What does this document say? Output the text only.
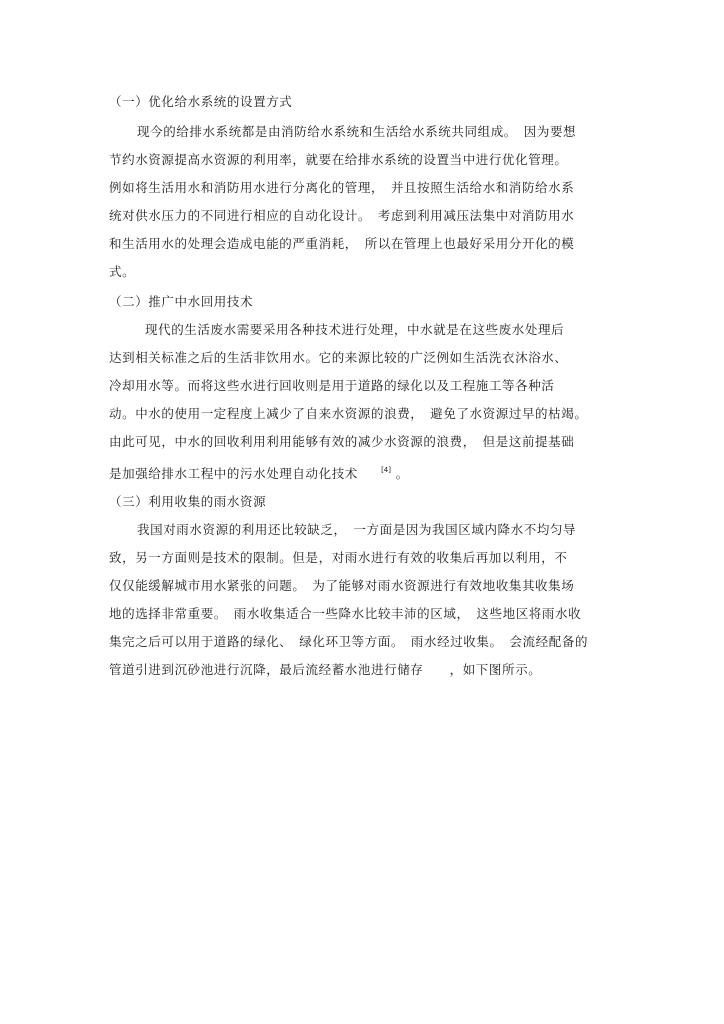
（一）优化给水系统的设置方式
现今的给排水系统都是由消防给水系统和生活给水系统共同组成。　因为要想
节约水资源提高水资源的利用率，就要在给排水系统的设置当中进行优化管理。
例如将生活用水和消防用水进行分离化的管理，　并且按照生活给水和消防给水系
统对供水压力的不同进行相应的自动化设计。　考虑到利用减压法集中对消防用水
和生活用水的处理会造成电能的严重消耗，　所以在管理上也最好采用分开化的模
式。
（二）推广中水回用技术
现代的生活废水需要采用各种技术进行处理，中水就是在这些废水处理后
达到相关标准之后的生活非饮用水。它的来源比较的广泛例如生活洗衣沐浴水、
冷却用水等。而将这些水进行回收则是用于道路的绿化以及工程施工等各种活
动。中水的使用一定程度上减少了自来水资源的浪费，　避免了水资源过早的枯竭。
由此可见，中水的回收利用利用能够有效的减少水资源的浪费，　但是这前提基础
是加强给排水工程中的污水处理自动化技术	[4] 。
（三）利用收集的雨水资源
我国对雨水资源的利用还比较缺乏，　一方面是因为我国区域内降水不均匀导
致，另一方面则是技术的限制。但是，对雨水进行有效的收集后再加以利用，不
仅仅能缓解城市用水紧张的问题。　为了能够对雨水资源进行有效地收集其收集场
地的选择非常重要。　雨水收集适合一些降水比较丰沛的区域，　这些地区将雨水收
集完之后可以用于道路的绿化、　绿化环卫等方面。　雨水经过收集。　会流经配备的
管道引进到沉砂池进行沉降，最后流经蓄水池进行储存　　，如下图所示。
